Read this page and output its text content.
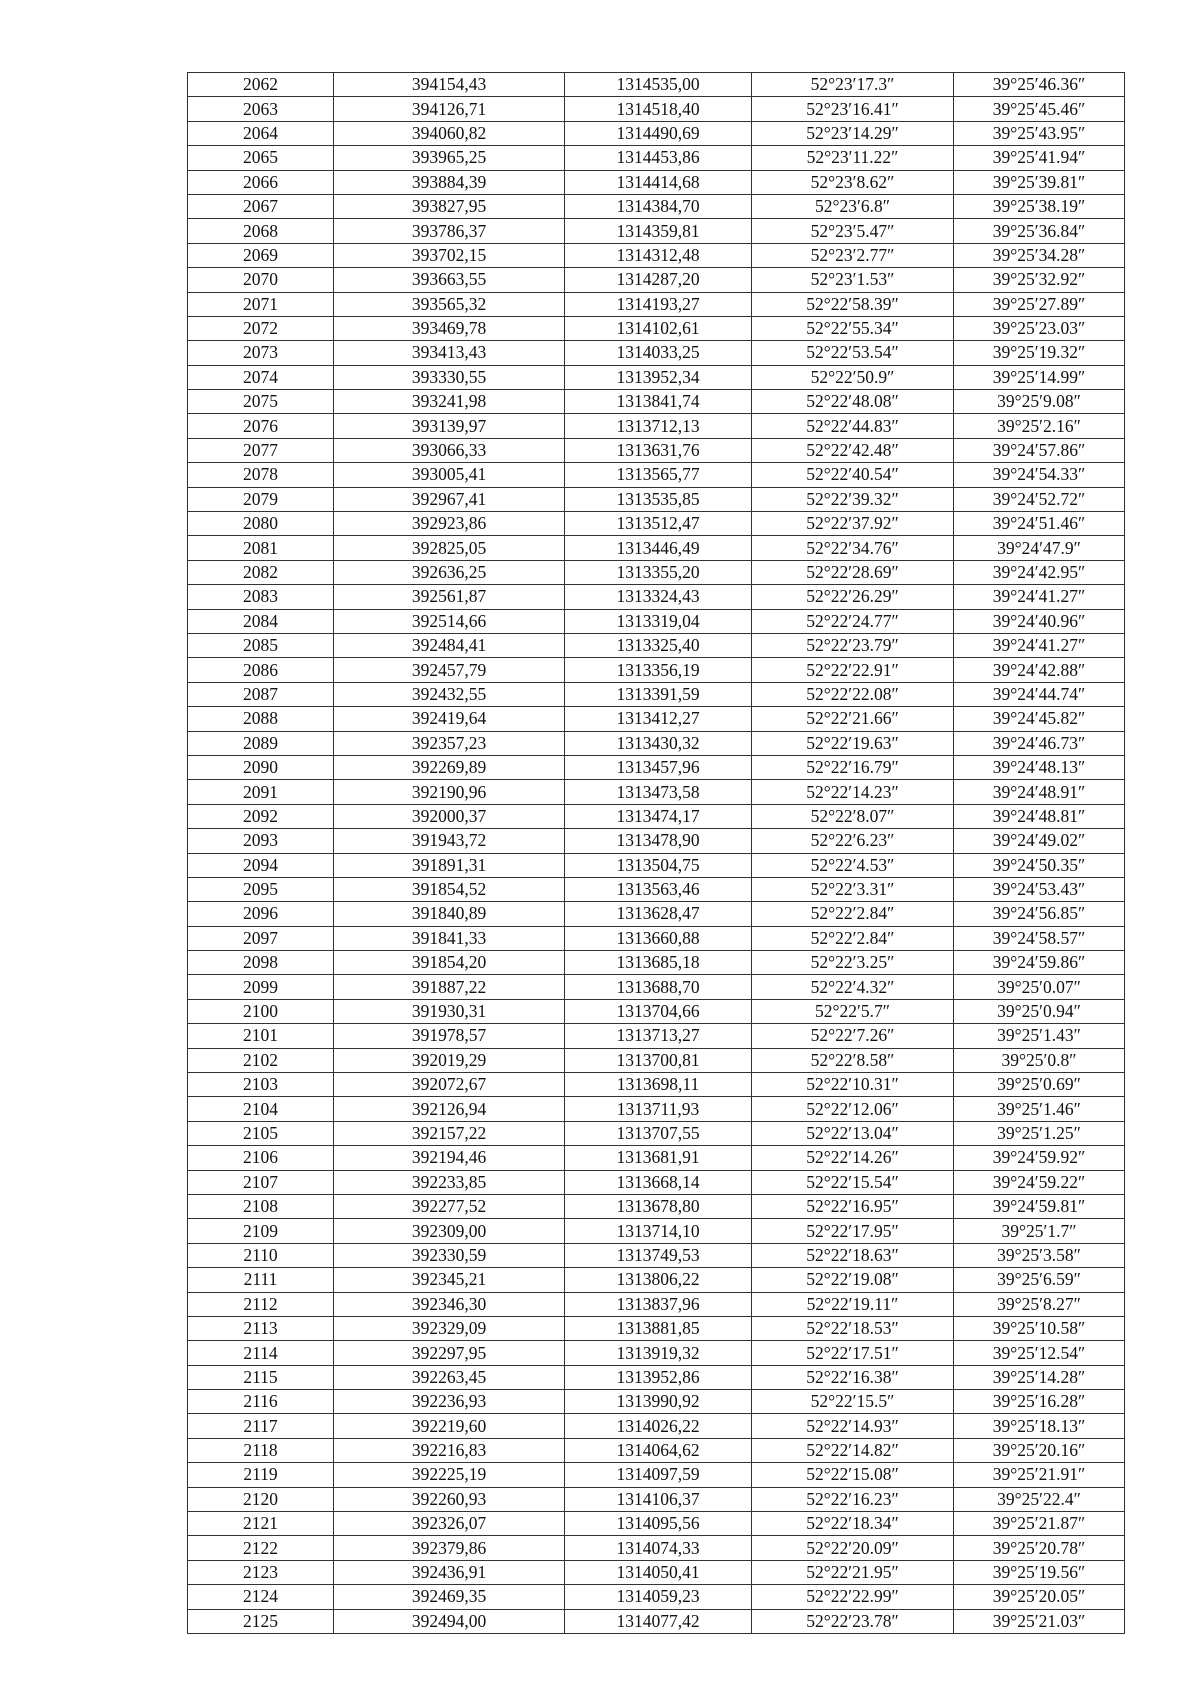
2062	394154,43	1314535,00	52°23′17.3″	39°25′46.36″
2063	394126,71	1314518,40	52°23′16.41″	39°25′45.46″
2064	394060,82	1314490,69	52°23′14.29″	39°25′43.95″
2065	393965,25	1314453,86	52°23′11.22″	39°25′41.94″
2066	393884,39	1314414,68	52°23′8.62″	39°25′39.81″
2067	393827,95	1314384,70	52°23′6.8″	39°25′38.19″
2068	393786,37	1314359,81	52°23′5.47″	39°25′36.84″
2069	393702,15	1314312,48	52°23′2.77″	39°25′34.28″
2070	393663,55	1314287,20	52°23′1.53″	39°25′32.92″
2071	393565,32	1314193,27	52°22′58.39″	39°25′27.89″
2072	393469,78	1314102,61	52°22′55.34″	39°25′23.03″
2073	393413,43	1314033,25	52°22′53.54″	39°25′19.32″
2074	393330,55	1313952,34	52°22′50.9″	39°25′14.99″
2075	393241,98	1313841,74	52°22′48.08″	39°25′9.08″
2076	393139,97	1313712,13	52°22′44.83″	39°25′2.16″
2077	393066,33	1313631,76	52°22′42.48″	39°24′57.86″
2078	393005,41	1313565,77	52°22′40.54″	39°24′54.33″
2079	392967,41	1313535,85	52°22′39.32″	39°24′52.72″
2080	392923,86	1313512,47	52°22′37.92″	39°24′51.46″
2081	392825,05	1313446,49	52°22′34.76″	39°24′47.9″
2082	392636,25	1313355,20	52°22′28.69″	39°24′42.95″
2083	392561,87	1313324,43	52°22′26.29″	39°24′41.27″
2084	392514,66	1313319,04	52°22′24.77″	39°24′40.96″
2085	392484,41	1313325,40	52°22′23.79″	39°24′41.27″
2086	392457,79	1313356,19	52°22′22.91″	39°24′42.88″
2087	392432,55	1313391,59	52°22′22.08″	39°24′44.74″
2088	392419,64	1313412,27	52°22′21.66″	39°24′45.82″
2089	392357,23	1313430,32	52°22′19.63″	39°24′46.73″
2090	392269,89	1313457,96	52°22′16.79″	39°24′48.13″
2091	392190,96	1313473,58	52°22′14.23″	39°24′48.91″
2092	392000,37	1313474,17	52°22′8.07″	39°24′48.81″
2093	391943,72	1313478,90	52°22′6.23″	39°24′49.02″
2094	391891,31	1313504,75	52°22′4.53″	39°24′50.35″
2095	391854,52	1313563,46	52°22′3.31″	39°24′53.43″
2096	391840,89	1313628,47	52°22′2.84″	39°24′56.85″
2097	391841,33	1313660,88	52°22′2.84″	39°24′58.57″
2098	391854,20	1313685,18	52°22′3.25″	39°24′59.86″
2099	391887,22	1313688,70	52°22′4.32″	39°25′0.07″
2100	391930,31	1313704,66	52°22′5.7″	39°25′0.94″
2101	391978,57	1313713,27	52°22′7.26″	39°25′1.43″
2102	392019,29	1313700,81	52°22′8.58″	39°25′0.8″
2103	392072,67	1313698,11	52°22′10.31″	39°25′0.69″
2104	392126,94	1313711,93	52°22′12.06″	39°25′1.46″
2105	392157,22	1313707,55	52°22′13.04″	39°25′1.25″
2106	392194,46	1313681,91	52°22′14.26″	39°24′59.92″
2107	392233,85	1313668,14	52°22′15.54″	39°24′59.22″
2108	392277,52	1313678,80	52°22′16.95″	39°24′59.81″
2109	392309,00	1313714,10	52°22′17.95″	39°25′1.7″
2110	392330,59	1313749,53	52°22′18.63″	39°25′3.58″
2111	392345,21	1313806,22	52°22′19.08″	39°25′6.59″
2112	392346,30	1313837,96	52°22′19.11″	39°25′8.27″
2113	392329,09	1313881,85	52°22′18.53″	39°25′10.58″
2114	392297,95	1313919,32	52°22′17.51″	39°25′12.54″
2115	392263,45	1313952,86	52°22′16.38″	39°25′14.28″
2116	392236,93	1313990,92	52°22′15.5″	39°25′16.28″
2117	392219,60	1314026,22	52°22′14.93″	39°25′18.13″
2118	392216,83	1314064,62	52°22′14.82″	39°25′20.16″
2119	392225,19	1314097,59	52°22′15.08″	39°25′21.91″
2120	392260,93	1314106,37	52°22′16.23″	39°25′22.4″
2121	392326,07	1314095,56	52°22′18.34″	39°25′21.87″
2122	392379,86	1314074,33	52°22′20.09″	39°25′20.78″
2123	392436,91	1314050,41	52°22′21.95″	39°25′19.56″
2124	392469,35	1314059,23	52°22′22.99″	39°25′20.05″
2125	392494,00	1314077,42	52°22′23.78″	39°25′21.03″
